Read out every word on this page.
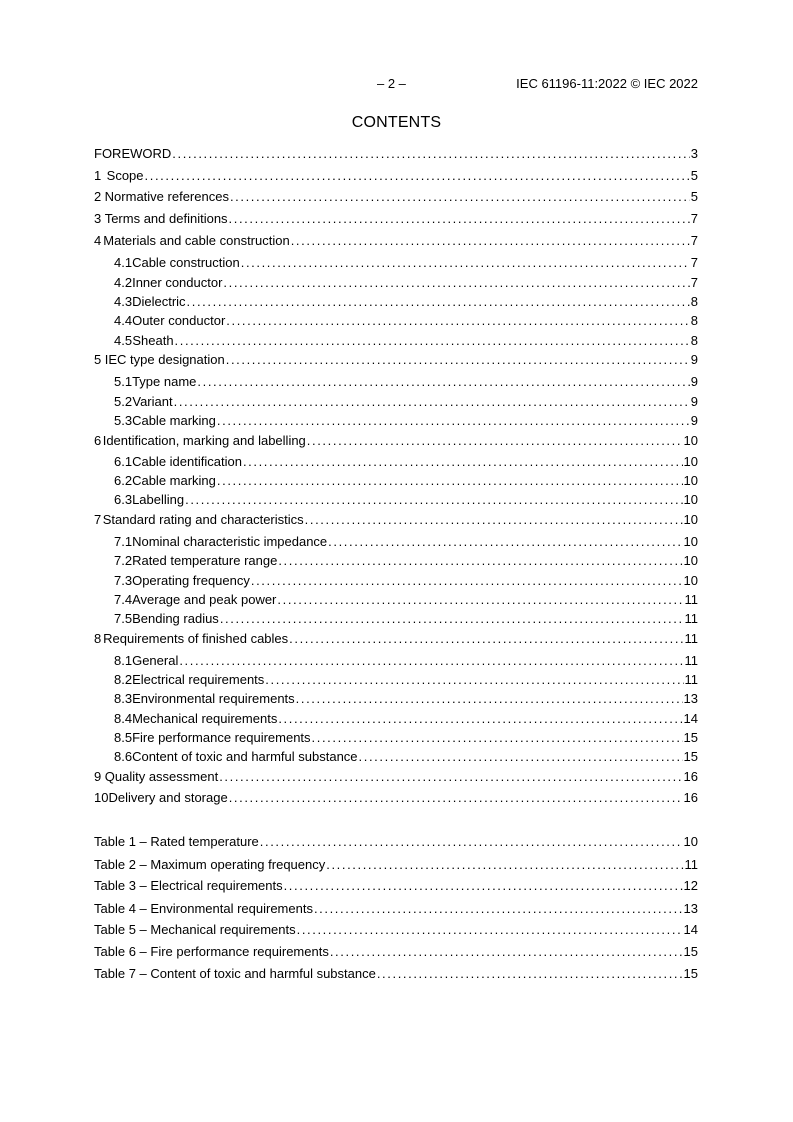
– 2 –	IEC 61196-11:2022 © IEC 2022
CONTENTS
FOREWORD .....	3
1 Scope .....	5
2 Normative references .....	5
3 Terms and definitions .....	7
4 Materials and cable construction .....	7
4.1 Cable construction .....	7
4.2 Inner conductor .....	7
4.3 Dielectric .....	8
4.4 Outer conductor .....	8
4.5 Sheath .....	8
5 IEC type designation .....	9
5.1 Type name .....	9
5.2 Variant .....	9
5.3 Cable marking .....	9
6 Identification, marking and labelling .....	10
6.1 Cable identification .....	10
6.2 Cable marking .....	10
6.3 Labelling .....	10
7 Standard rating and characteristics .....	10
7.1 Nominal characteristic impedance .....	10
7.2 Rated temperature range .....	10
7.3 Operating frequency .....	10
7.4 Average and peak power .....	11
7.5 Bending radius .....	11
8 Requirements of finished cables .....	11
8.1 General .....	11
8.2 Electrical requirements .....	11
8.3 Environmental requirements .....	13
8.4 Mechanical requirements .....	14
8.5 Fire performance requirements .....	15
8.6 Content of toxic and harmful substance .....	15
9 Quality assessment .....	16
10 Delivery and storage .....	16
Table 1 – Rated temperature .....	10
Table 2 – Maximum operating frequency .....	11
Table 3 – Electrical requirements .....	12
Table 4 – Environmental requirements .....	13
Table 5 – Mechanical requirements .....	14
Table 6 – Fire performance requirements .....	15
Table 7 – Content of toxic and harmful substance .....	15
